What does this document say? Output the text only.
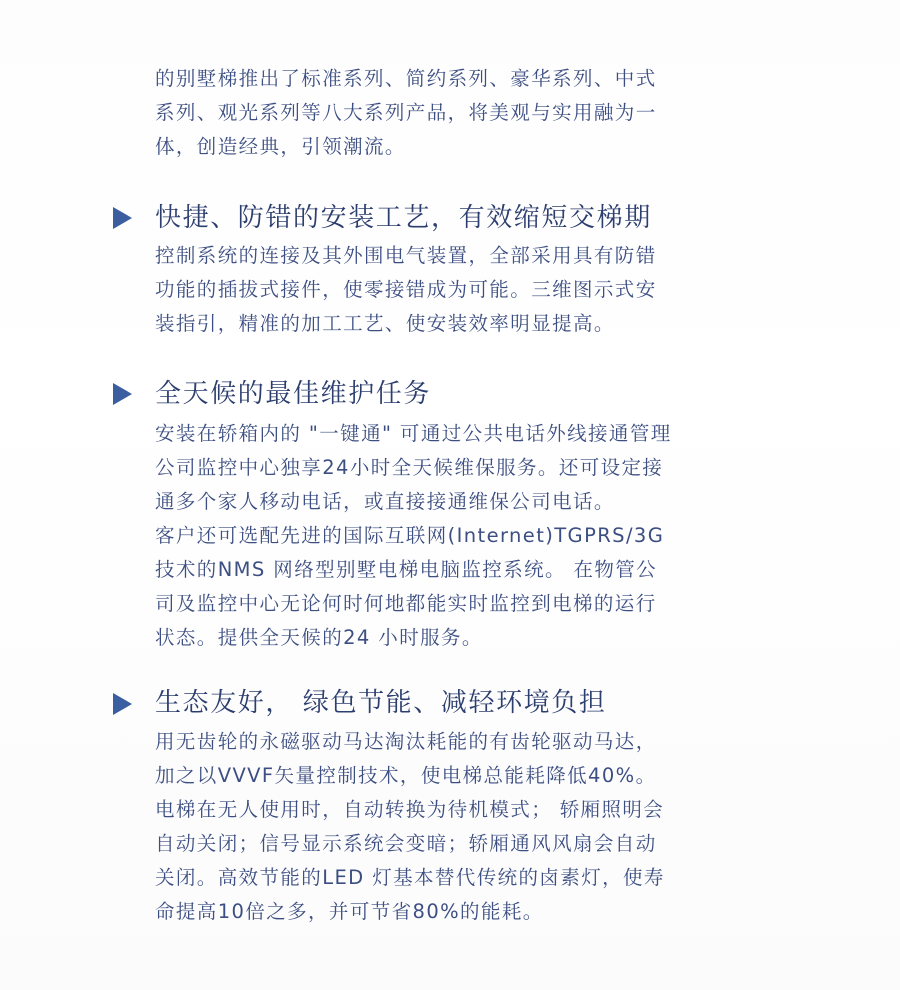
的别墅梯推出了标准系列、简约系列、豪华系列、中式
系列、观光系列等八大系列产品，将美观与实用融为一
体，创造经典，引领潮流。
快捷、防错的安装工艺，有效缩短交梯期
控制系统的连接及其外围电气装置，全部采用具有防错
功能的插拔式接件，使零接错成为可能。三维图示式安
装指引，精准的加工工艺、使安装效率明显提高。
全天候的最佳维护任务
安装在轿箱内的 "一键通" 可通过公共电话外线接通管理
公司监控中心独享24小时全天候维保服务。还可设定接
通多个家人移动电话，或直接接通维保公司电话。
客户还可选配先进的国际互联网(Internet)TGPRS/3G
技术的NMS 网络型别墅电梯电脑监控系统。 在物管公
司及监控中心无论何时何地都能实时监控到电梯的运行
状态。提供全天候的24 小时服务。
生态友好， 绿色节能、减轻环境负担
用无齿轮的永磁驱动马达淘汰耗能的有齿轮驱动马达，
加之以VVVF矢量控制技术，使电梯总能耗降低40%。
电梯在无人使用时，自动转换为待机模式； 轿厢照明会
自动关闭；信号显示系统会变暗；轿厢通风风扇会自动
关闭。高效节能的LED 灯基本替代传统的卤素灯，使寿
命提高10倍之多，并可节省80%的能耗。
